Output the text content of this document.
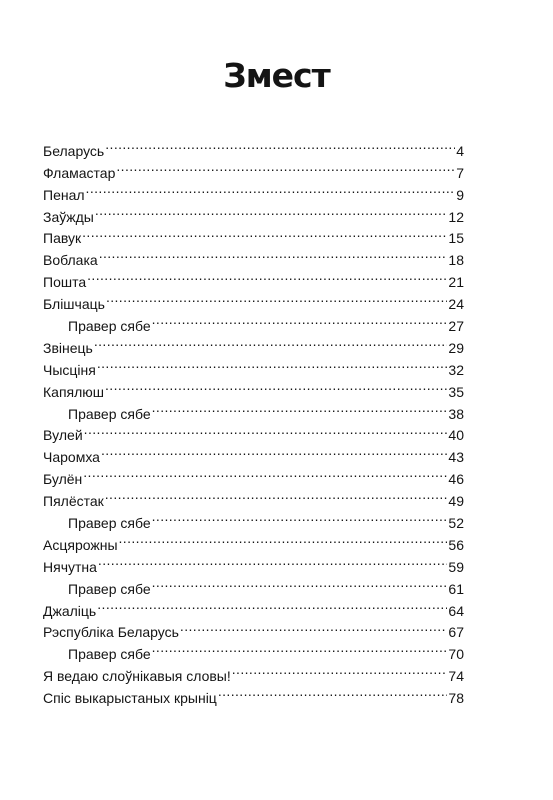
Змест
Беларусь .....	4
Фламастар .....	7
Пенал .....	9
Заўжды .....	12
Павук .....	15
Воблака .....	18
Пошта .....	21
Блішчаць .....	24
Правер сябе .....	27
Звінець .....	29
Чысціня .....	32
Капялюш .....	35
Правер сябе .....	38
Вулей .....	40
Чаромха .....	43
Булён .....	46
Пялёстак .....	49
Правер сябе .....	52
Асцярожны .....	56
Нячутна .....	59
Правер сябе .....	61
Джаліць .....	64
Рэспубліка Беларусь .....	67
Правер сябе .....	70
Я ведаю слоўнікавыя словы! .....	74
Спіс выкарыстаных крыніц .....	78
